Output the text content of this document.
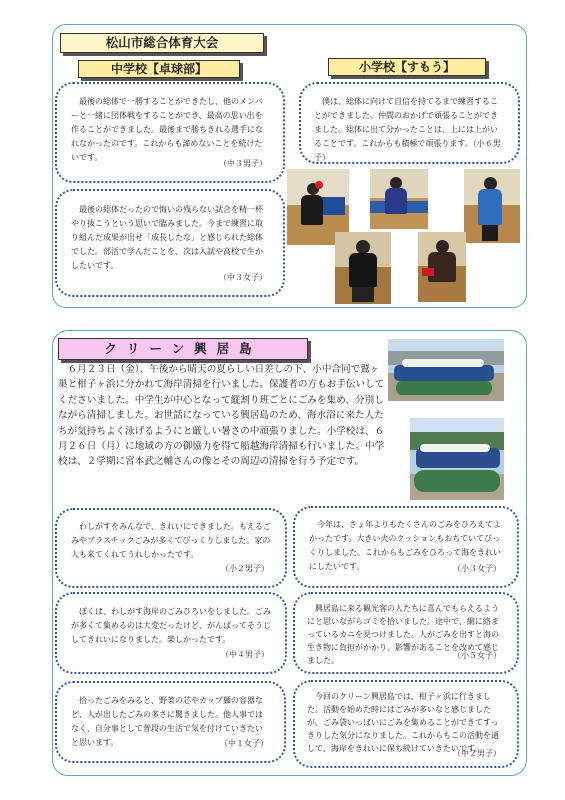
松山市総合体育大会
中学校【卓球部】	小学校【すもう】

　最後の総体で一勝することができたし、他のメンバーと一緒に団体戦をすることができ、最高の思い出を作ることができました。最後まで勝ちきれる選手になれなかったのです。これからも諦めないことを続けたいです。

（中３男子）

　最後の総体だったので悔いの残らない試合を精一杯やり抜こうという思いで臨みました。今まで練習に取り組んだ成果が出せ「成長したな」と感じられた総体でした。部活で学んだことを、次は入試や高校で生かしたいです。

（中３女子）

　僕は、総体に向けて自信を持てるまで練習することができました。仲間のおかげで頑張ることができました。総体に出て分かったことは、上には上がいることです。これからも積極で頑張ります。（小６男子）

クリーン興居島

　６月２３日（金）、午後から晴天の夏らしい日差しの下、小中合同で鷲ヶ巣と柑子ヶ浜に分かれて海岸清掃を行いました。保護者の方もお手伝いしてくださいました。中学生が中心となって縦割り班ごとにごみを集め、分別しながら清掃しました。お世話になっている興居島のため、海水浴に来た人たちが気持ちよく泳げるようにと厳しい暑さの中頑張りました。小学校は、６月２６日（月）に地域の方の御協力を得て船越海岸清掃も行いました。中学校は、２学期に宮本武之輔さんの像とその周辺の清掃を行う予定です。

　わしがすをみんなで、きれいにできました。もえるごみやプラスチックごみが多くてびっくりしました。家の人も来てくれてうれしかったです。

（小２男子）

　今年は、さょ年よりもたくさんのごみをひろえてよかったです。大きい火のクッションもおちていてびっくりしました。これからもごみをひろって海をきれいにしたいです。	（小３女子）

　ぼくは、わしがす海岸のごみひろいをしました。ごみが多くて集めるのは大変だったけど、がんばってそうじしてきれいになりました。楽しかったです。

（中４男子）

　興居島に来る観光客の人たちに喜んでもらえるようにと思いながらゴミを拾いました。途中で、網に絡まっているカニを見つけました。人がごみを出すと海の生き物に負担がかかり、影響があることを改めて感じました。

（小５女子）

　拾ったごみをみると、野菜の芯やカップ麺の容器など、人が出したごみの多さに驚きました。他人事ではなく、自分事として普段の生活で気を付けていきたいと思います。	（中１女子）

　今回のクリーン興居島では、柑子ヶ浜に行きました。活動を始めた時にはごみが多いなと感じましたが、ごみ袋いっぱいにごみを集めることができてすっきりした気分になりました。これからもこの活動を通して、海岸をきれいに保ち続けていきたいです。

（中２男子）
